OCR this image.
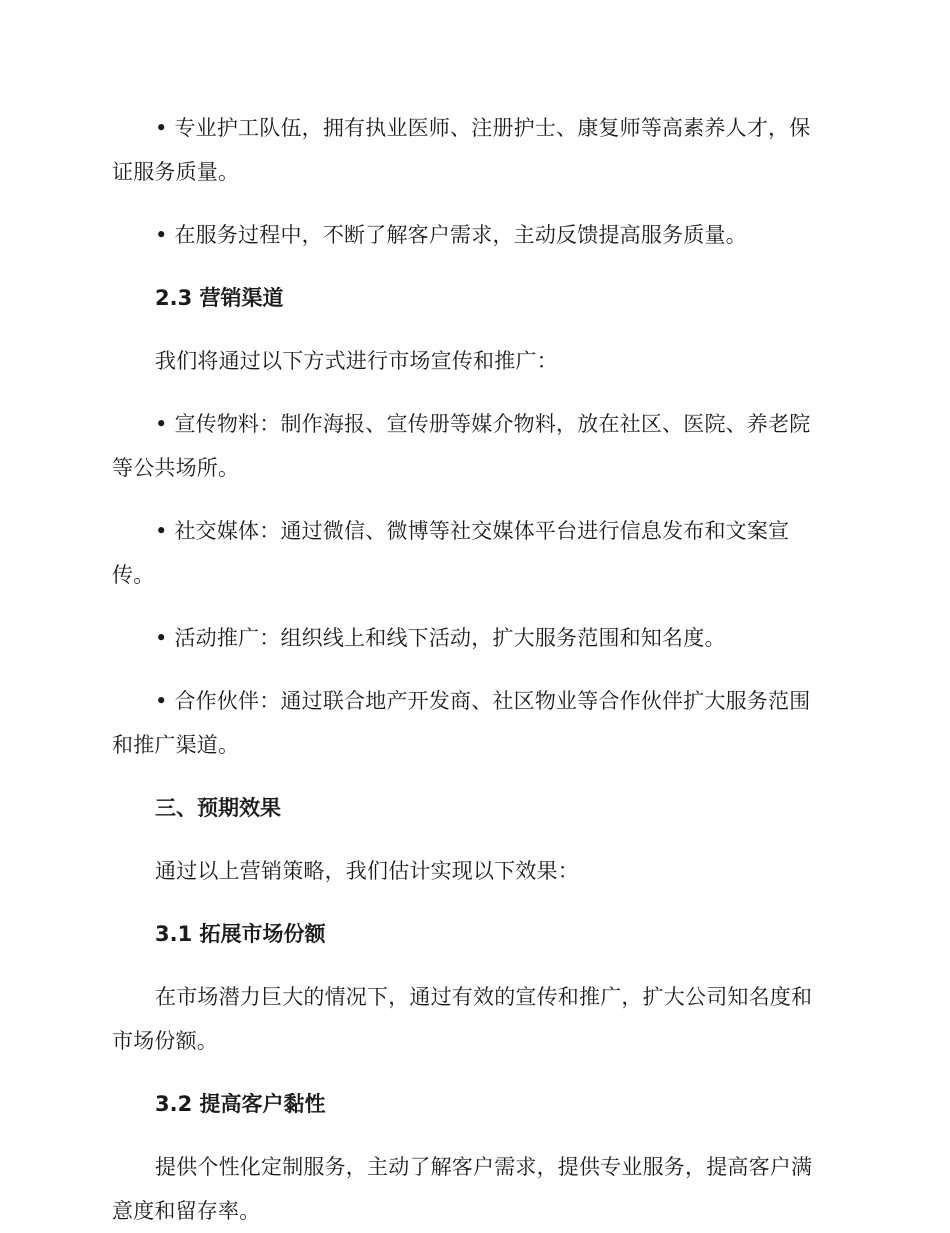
• 专业护工队伍，拥有执业医师、注册护士、康复师等高素养人才，保证服务质量。

• 在服务过程中，不断了解客户需求，主动反馈提高服务质量。

2.3 营销渠道

我们将通过以下方式进行市场宣传和推广：

• 宣传物料：制作海报、宣传册等媒介物料，放在社区、医院、养老院等公共场所。

• 社交媒体：通过微信、微博等社交媒体平台进行信息发布和文案宣传。

• 活动推广：组织线上和线下活动，扩大服务范围和知名度。

• 合作伙伴：通过联合地产开发商、社区物业等合作伙伴扩大服务范围和推广渠道。

三、预期效果

通过以上营销策略，我们估计实现以下效果：

3.1 拓展市场份额

在市场潜力巨大的情况下，通过有效的宣传和推广，扩大公司知名度和市场份额。

3.2 提高客户黏性

提供个性化定制服务，主动了解客户需求，提供专业服务，提高客户满意度和留存率。
